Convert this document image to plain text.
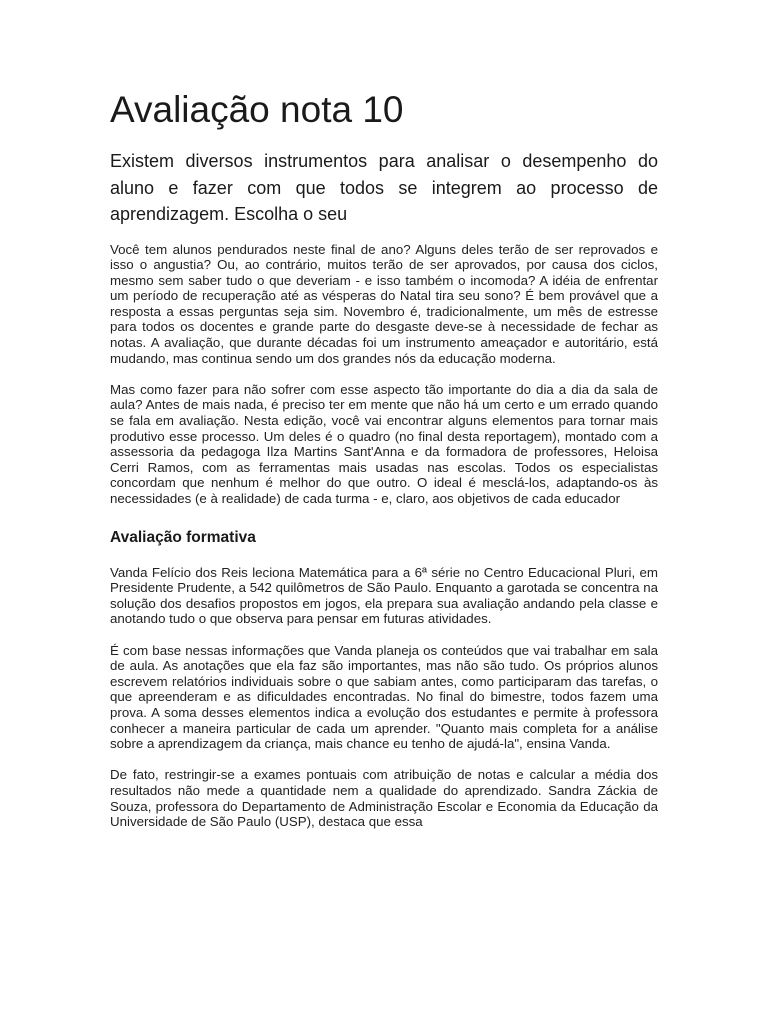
Avaliação nota 10

Existem diversos instrumentos para analisar o desempenho do aluno e fazer com que todos se integrem ao processo de aprendizagem. Escolha o seu

Você tem alunos pendurados neste final de ano? Alguns deles terão de ser reprovados e isso o angustia? Ou, ao contrário, muitos terão de ser aprovados, por causa dos ciclos, mesmo sem saber tudo o que deveriam - e isso também o incomoda? A idéia de enfrentar um período de recuperação até as vésperas do Natal tira seu sono? É bem provável que a resposta a essas perguntas seja sim. Novembro é, tradicionalmente, um mês de estresse para todos os docentes e grande parte do desgaste deve-se à necessidade de fechar as notas. A avaliação, que durante décadas foi um instrumento ameaçador e autoritário, está mudando, mas continua sendo um dos grandes nós da educação moderna.

Mas como fazer para não sofrer com esse aspecto tão importante do dia a dia da sala de aula? Antes de mais nada, é preciso ter em mente que não há um certo e um errado quando se fala em avaliação. Nesta edição, você vai encontrar alguns elementos para tornar mais produtivo esse processo. Um deles é o quadro (no final desta reportagem), montado com a assessoria da pedagoga Ilza Martins Sant'Anna e da formadora de professores, Heloisa Cerri Ramos, com as ferramentas mais usadas nas escolas. Todos os especialistas concordam que nenhum é melhor do que outro. O ideal é mesclá-los, adaptando-os às necessidades (e à realidade) de cada turma - e, claro, aos objetivos de cada educador

Avaliação formativa

Vanda Felício dos Reis leciona Matemática para a 6ª série no Centro Educacional Pluri, em Presidente Prudente, a 542 quilômetros de São Paulo. Enquanto a garotada se concentra na solução dos desafios propostos em jogos, ela prepara sua avaliação andando pela classe e anotando tudo o que observa para pensar em futuras atividades.

É com base nessas informações que Vanda planeja os conteúdos que vai trabalhar em sala de aula. As anotações que ela faz são importantes, mas não são tudo. Os próprios alunos escrevem relatórios individuais sobre o que sabiam antes, como participaram das tarefas, o que apreenderam e as dificuldades encontradas. No final do bimestre, todos fazem uma prova. A soma desses elementos indica a evolução dos estudantes e permite à professora conhecer a maneira particular de cada um aprender. "Quanto mais completa for a análise sobre a aprendizagem da criança, mais chance eu tenho de ajudá-la", ensina Vanda.

De fato, restringir-se a exames pontuais com atribuição de notas e calcular a média dos resultados não mede a quantidade nem a qualidade do aprendizado. Sandra Záckia de Souza, professora do Departamento de Administração Escolar e Economia da Educação da Universidade de São Paulo (USP), destaca que essa
